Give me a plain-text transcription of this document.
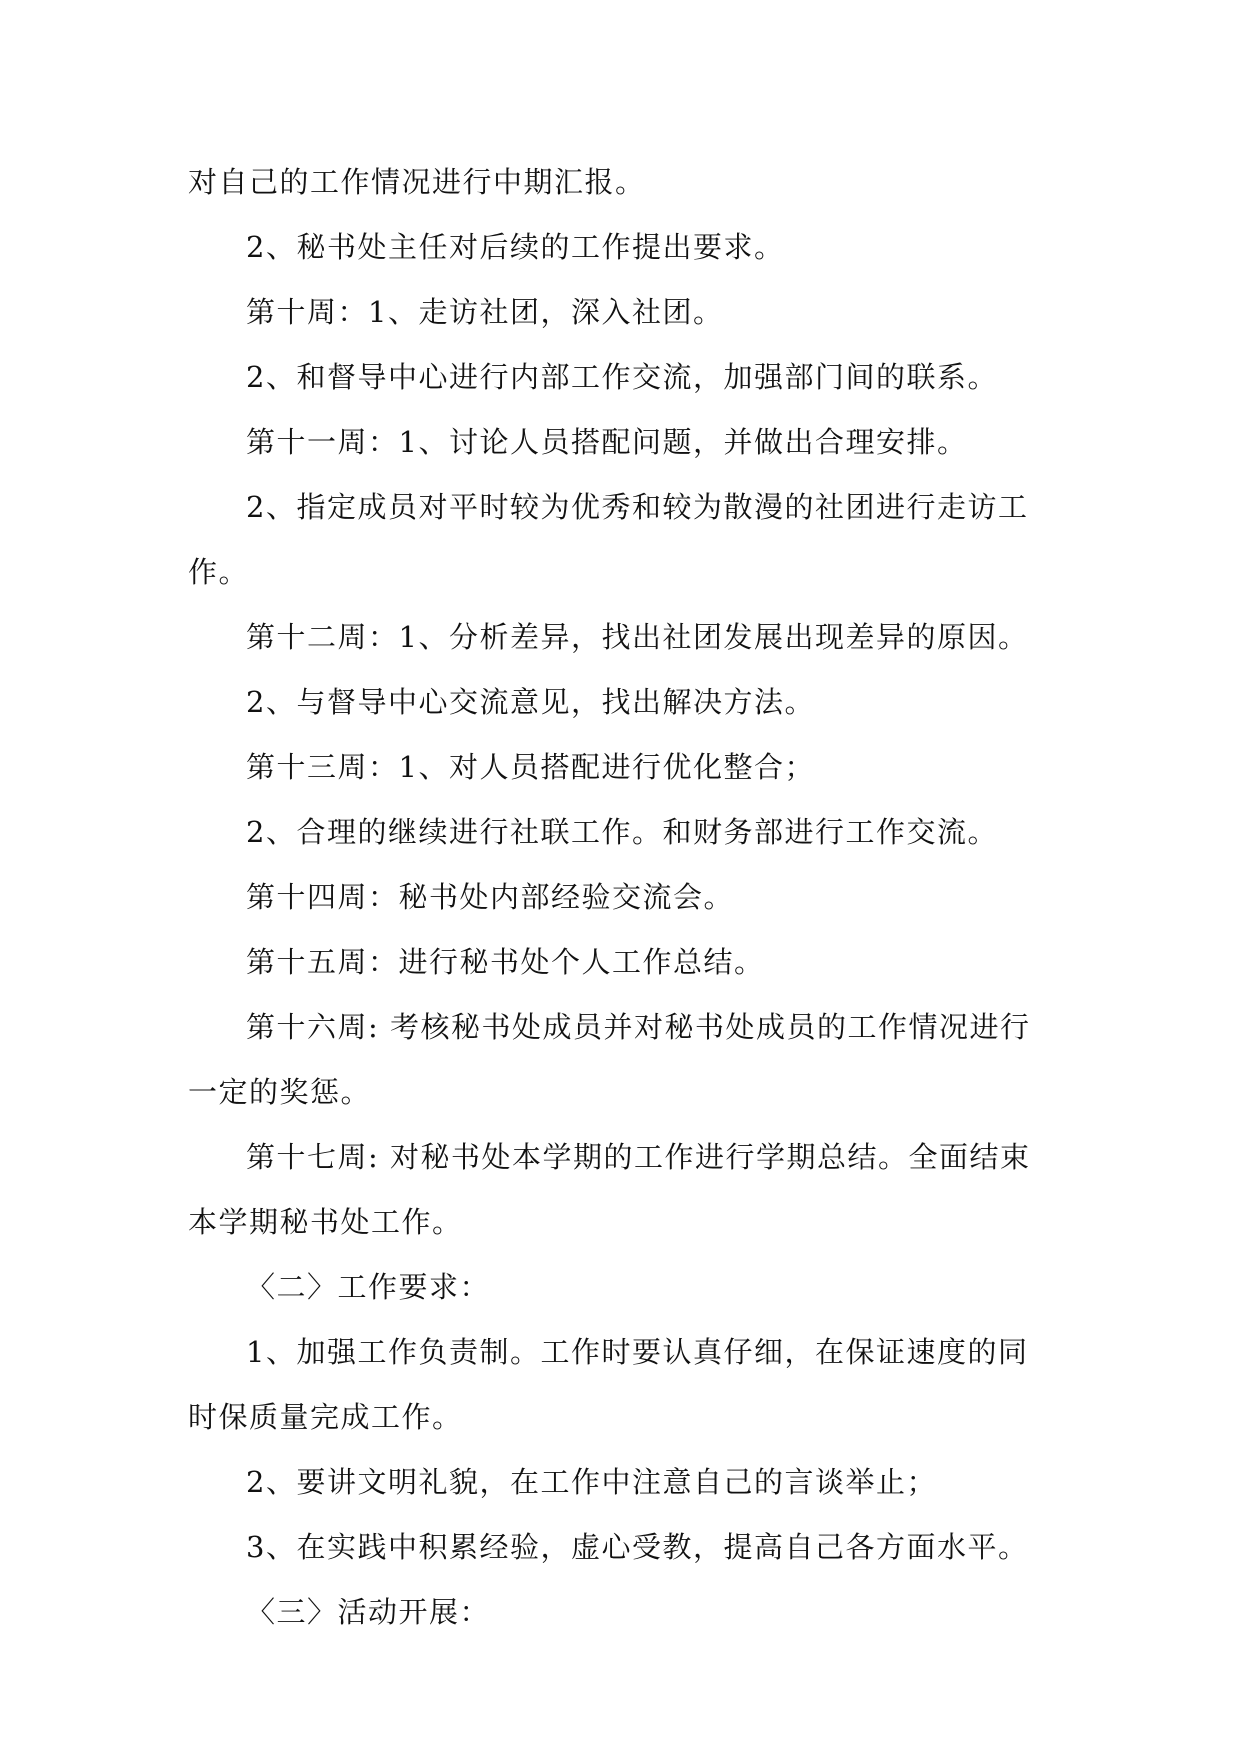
对自己的工作情况进行中期汇报。

2、秘书处主任对后续的工作提出要求。

第十周：1、走访社团，深入社团。

2、和督导中心进行内部工作交流，加强部门间的联系。

第十一周：1、讨论人员搭配问题，并做出合理安排。

2、指定成员对平时较为优秀和较为散漫的社团进行走访工作。

第十二周：1、分析差异，找出社团发展出现差异的原因。

2、与督导中心交流意见，找出解决方法。

第十三周：1、对人员搭配进行优化整合；

2、合理的继续进行社联工作。和财务部进行工作交流。

第十四周：秘书处内部经验交流会。

第十五周：进行秘书处个人工作总结。

第十六周: 考核秘书处成员并对秘书处成员的工作情况进行一定的奖惩。

第十七周: 对秘书处本学期的工作进行学期总结。全面结束本学期秘书处工作。

〈二〉工作要求：

1、加强工作负责制。工作时要认真仔细，在保证速度的同时保质量完成工作。

2、要讲文明礼貌，在工作中注意自己的言谈举止；

3、在实践中积累经验，虚心受教，提高自己各方面水平。

〈三〉活动开展：
